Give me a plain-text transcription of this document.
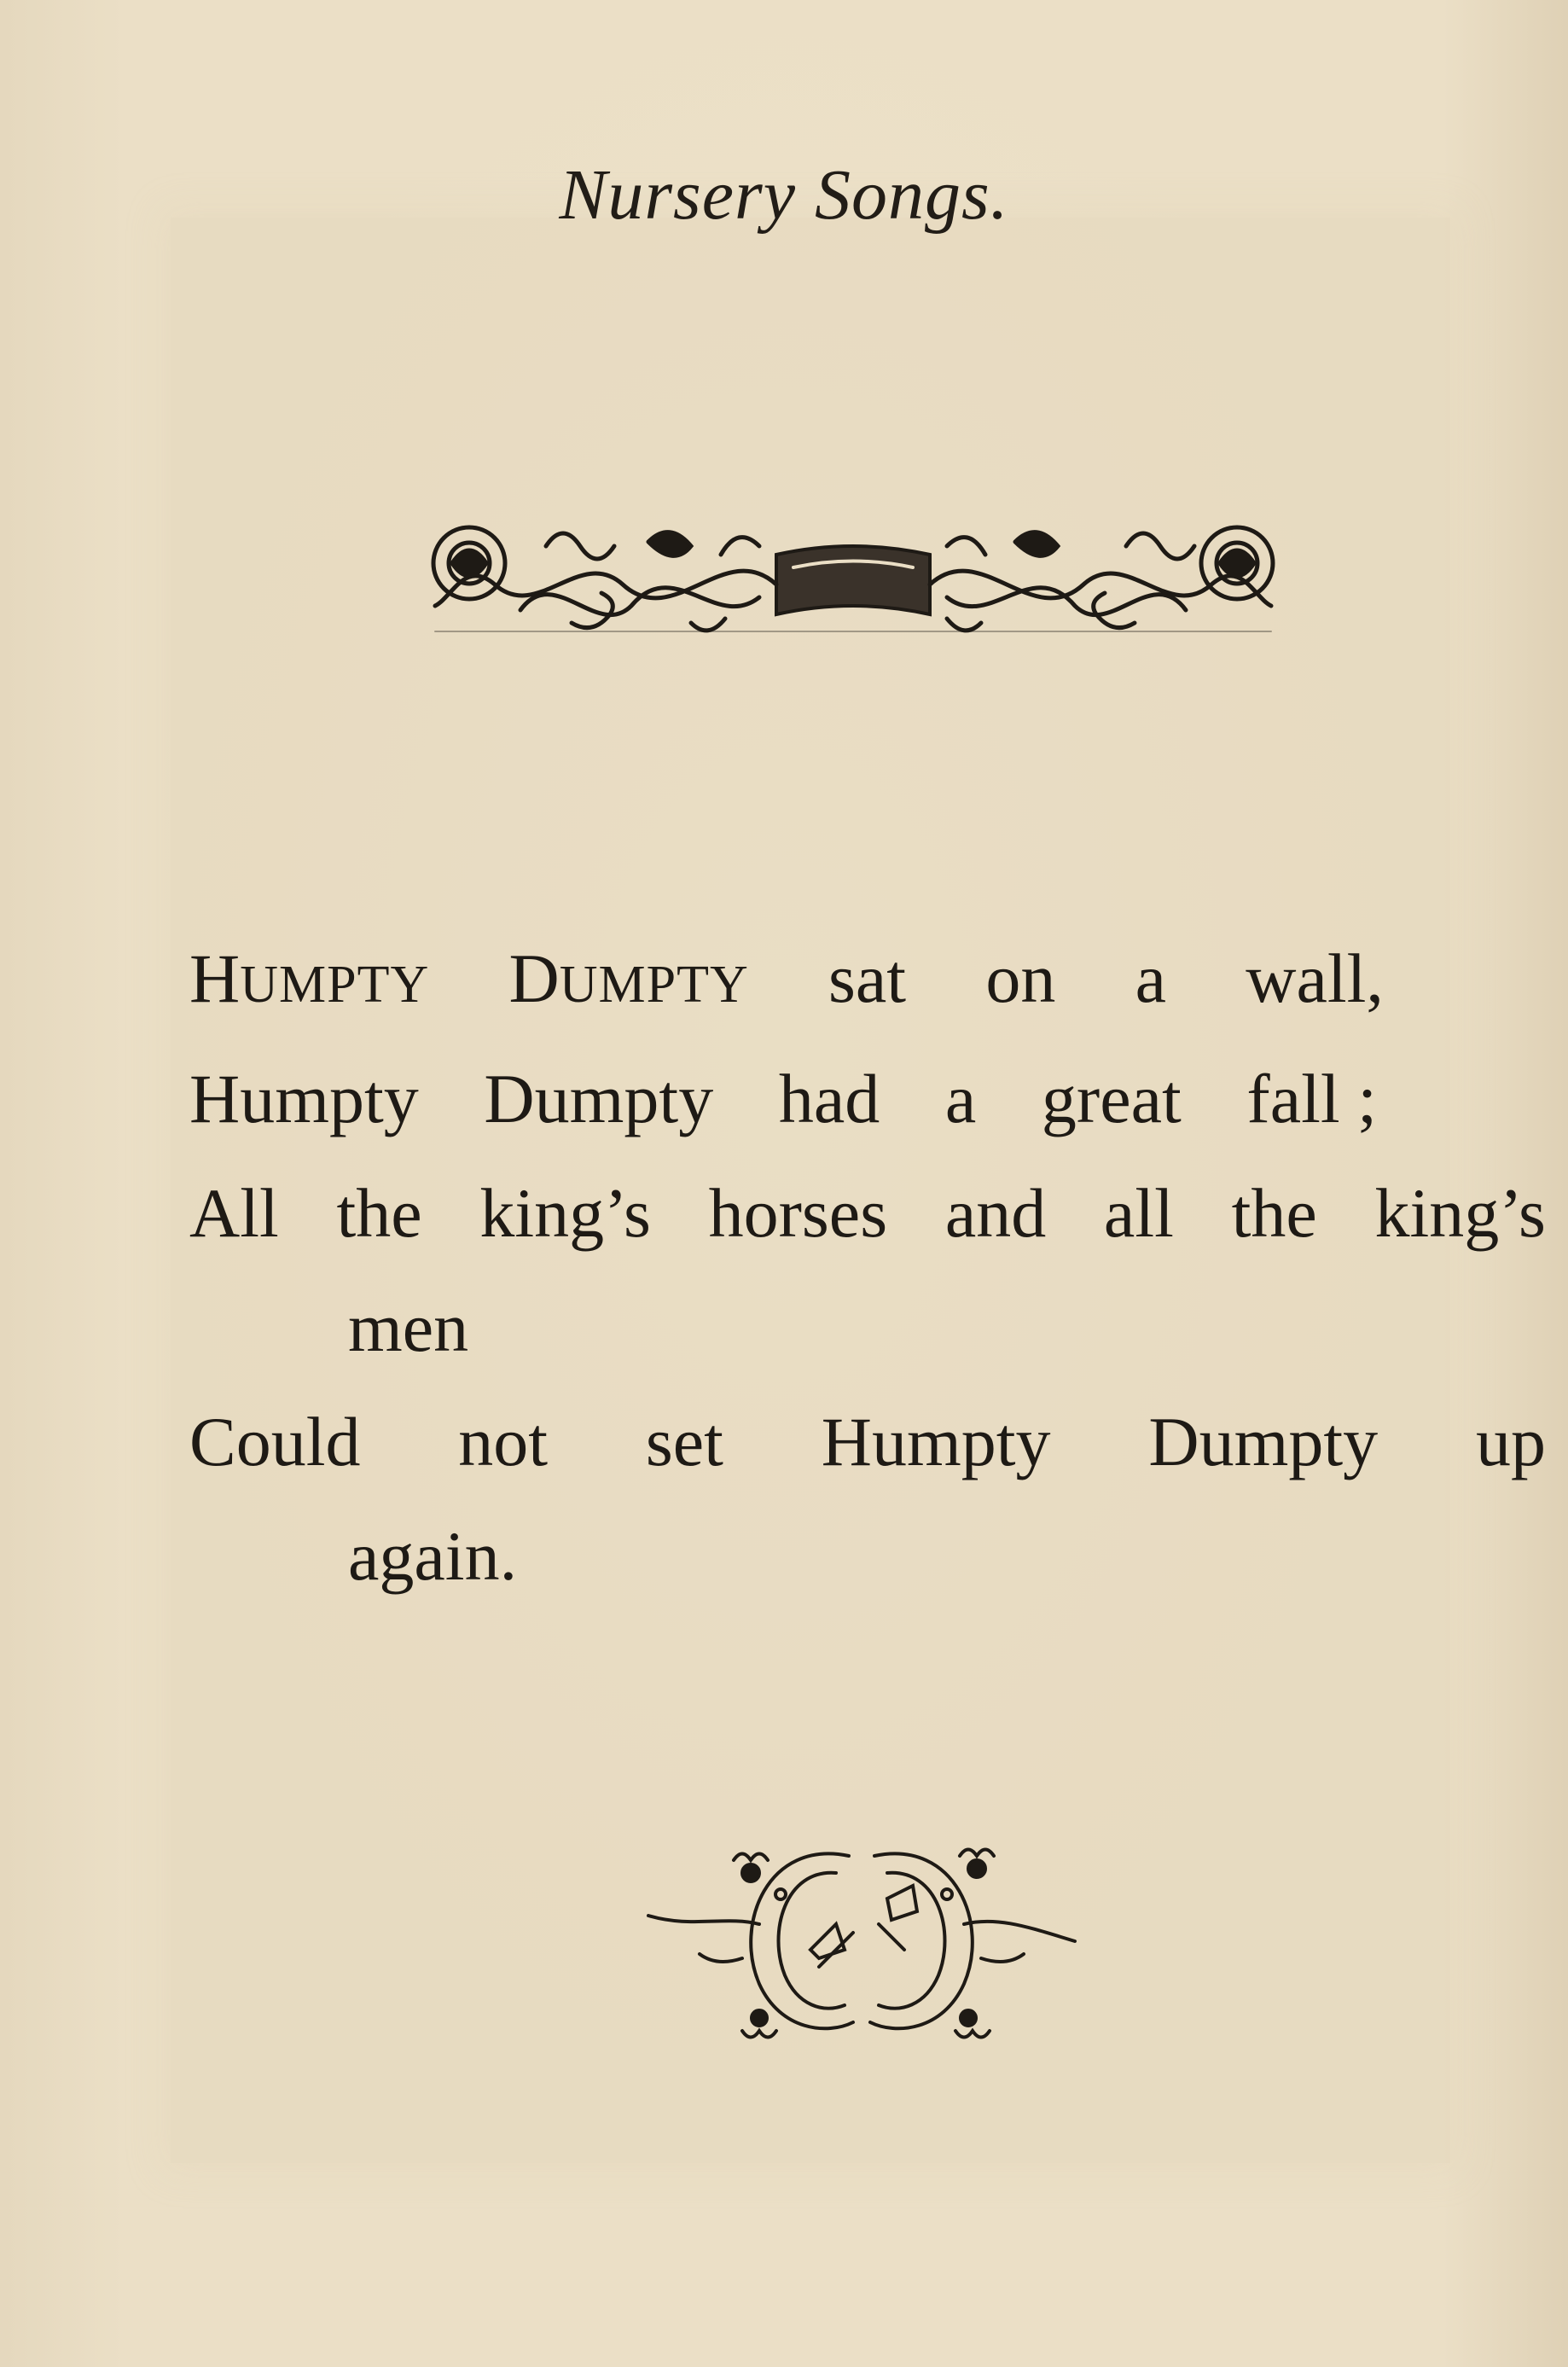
Nursery Songs.
HUMPTY DUMPTY sat on a wall,
Humpty Dumpty had a great fall ;
All the king’s horses and all the king’s
men
Could not set Humpty Dumpty up
again.
